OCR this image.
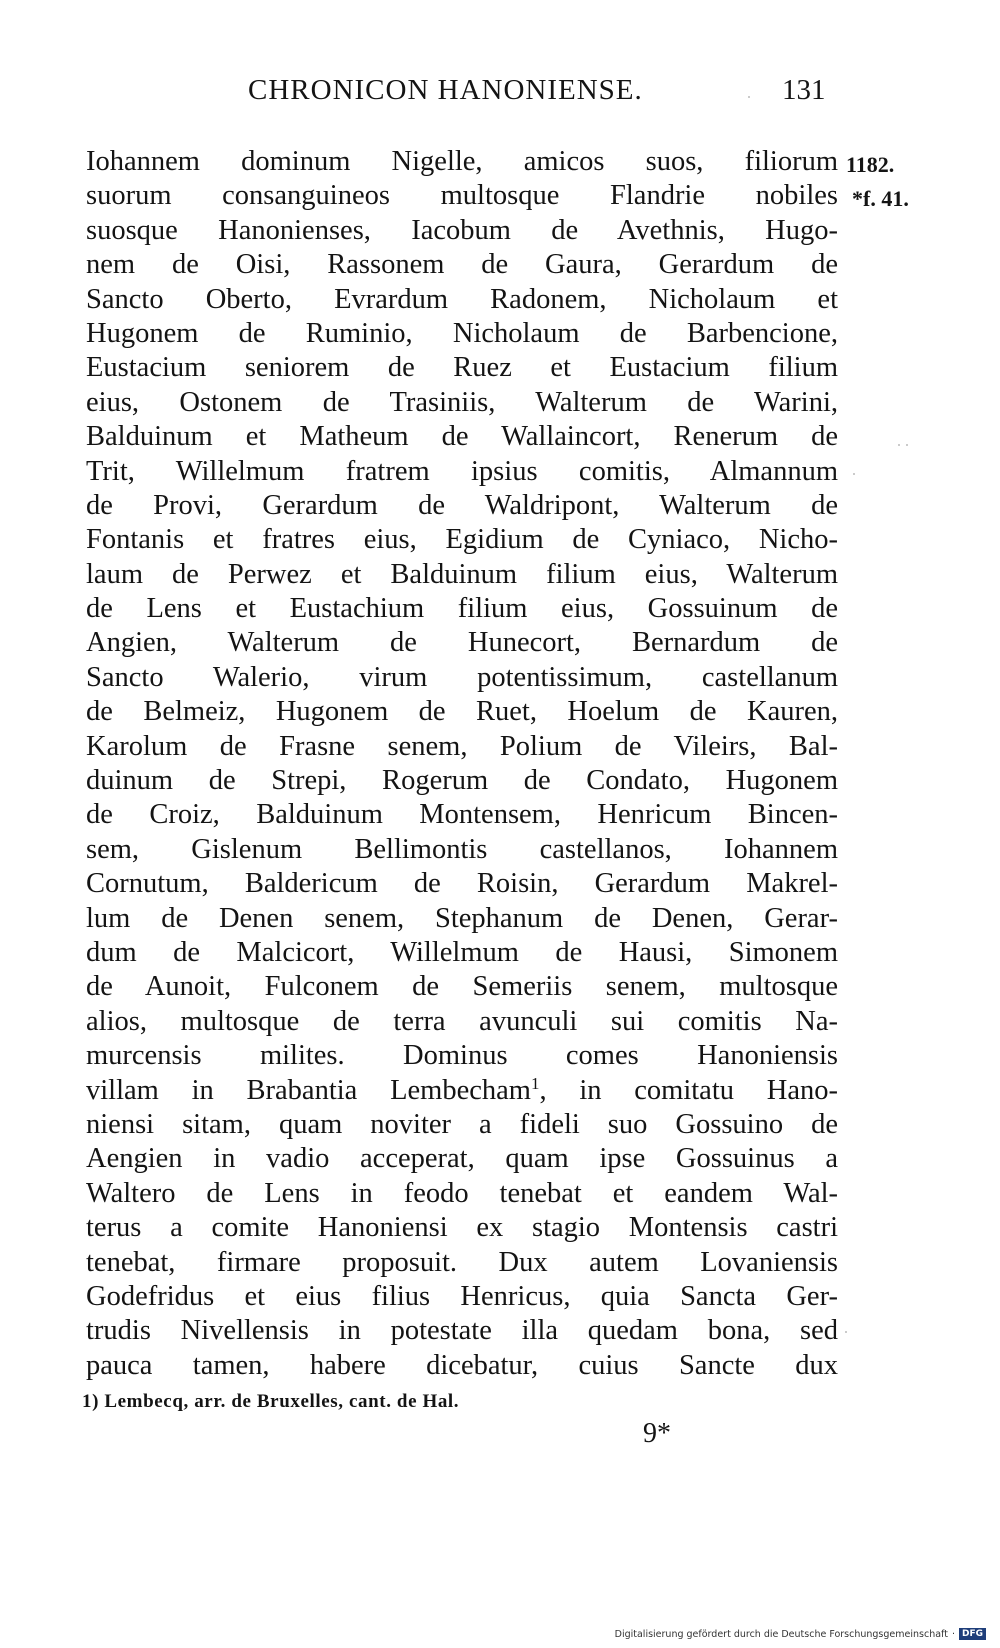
CHRONICON HANONIENSE.	131
1182.
*f. 41.
Iohannem dominum Nigelle, amicos suos, filiorum
suorum consanguineos multosque Flandrie nobiles
suosque Hanonienses, Iacobum de Avethnis, Hugo-
nem de Oisi, Rassonem de Gaura, Gerardum de
Sancto Oberto, Evrardum Radonem, Nicholaum et
Hugonem de Ruminio, Nicholaum de Barbencione,
Eustacium seniorem de Ruez et Eustacium filium
eius, Ostonem de Trasiniis, Walterum de Warini,
Balduinum et Matheum de Wallaincort, Renerum de
Trit, Willelmum fratrem ipsius comitis, Almannum
de Provi, Gerardum de Waldripont, Walterum de
Fontanis et fratres eius, Egidium de Cyniaco, Nicho-
laum de Perwez et Balduinum filium eius, Walterum
de Lens et Eustachium filium eius, Gossuinum de
Angien, Walterum de Hunecort, Bernardum de
Sancto Walerio, virum potentissimum, castellanum
de Belmeiz, Hugonem de Ruet, Hoelum de Kauren,
Karolum de Frasne senem, Polium de Vileirs, Bal-
duinum de Strepi, Rogerum de Condato, Hugonem
de Croiz, Balduinum Montensem, Henricum Bincen-
sem, Gislenum Bellimontis castellanos, Iohannem
Cornutum, Baldericum de Roisin, Gerardum Makrel-
lum de Denen senem, Stephanum de Denen, Gerar-
dum de Malcicort, Willelmum de Hausi, Simonem
de Aunoit, Fulconem de Semeriis senem, multosque
alios, multosque de terra avunculi sui comitis Na-
murcensis milites. Dominus comes Hanoniensis
villam in Brabantia Lembecham$^1$, in comitatu Hano-
niensi sitam, quam noviter a fideli suo Gossuino de
Aengien in vadio acceperat, quam ipse Gossuinus a
Waltero de Lens in feodo tenebat et eandem Wal-
terus a comite Hanoniensi ex stagio Montensis castri
tenebat, firmare proposuit. Dux autem Lovaniensis
Godefridus et eius filius Henricus, quia Sancta Ger-
trudis Nivellensis in potestate illa quedam bona, sed
pauca tamen, habere dicebatur, cuius Sancte dux
1) Lembecq, arr. de Bruxelles, cant. de Hal.
9*
Digitalisierung gefördert durch die Deutsche Forschungsgemeinschaft · DFG
